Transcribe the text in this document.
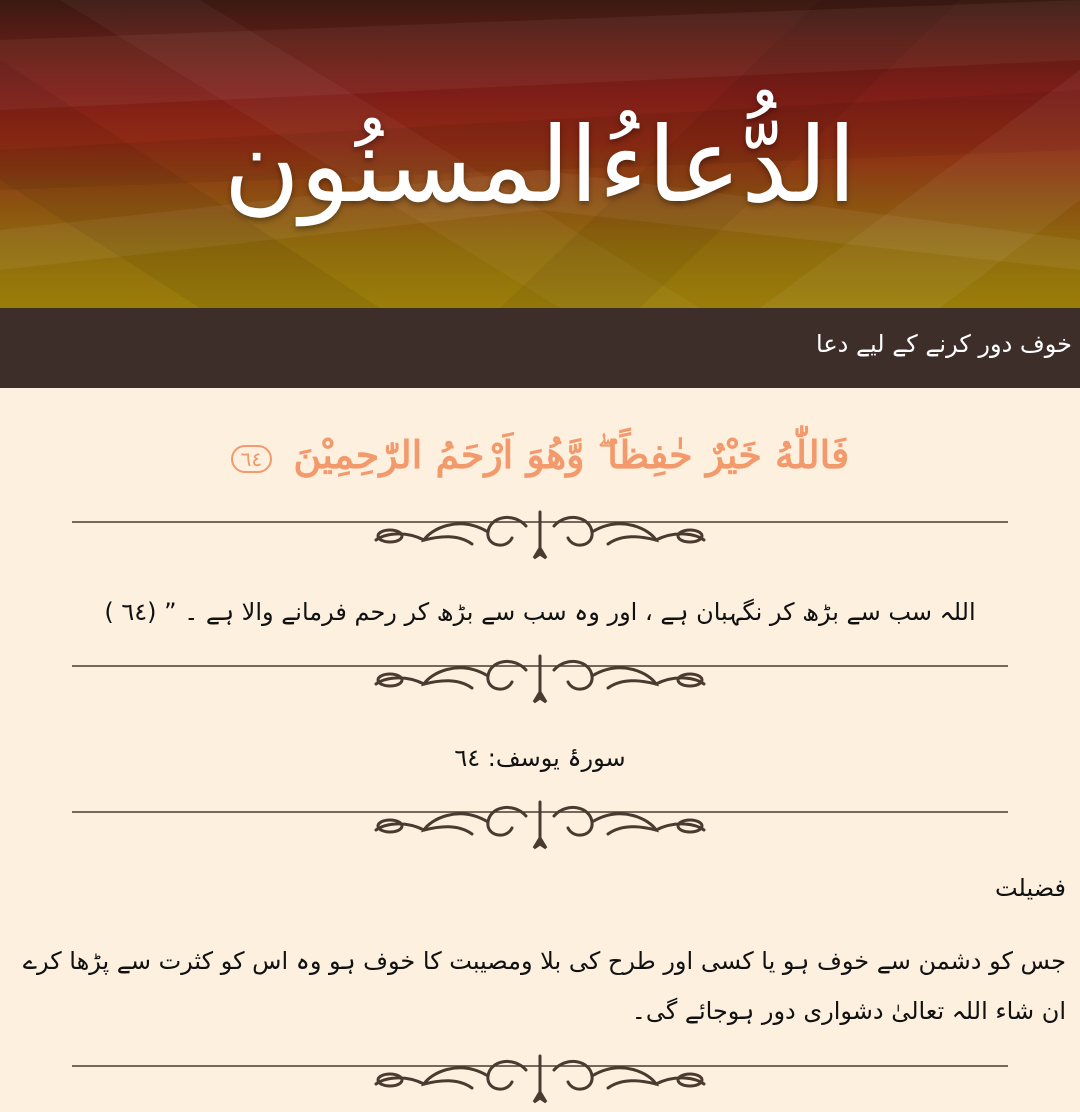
الدُّعاءُالمسنُون
خوف دور کرنے کے لیے دعا
فَاللّٰهُ خَيْرٌ حٰفِظًا ۖ وَّهُوَ اَرْحَمُ الرّٰحِمِيْنَ ٦٤
اللہ سب سے بڑھ کر نگہبان ہے ، اور وہ سب سے بڑھ کر رحم فرمانے والا ہے ۔ ” (٦٤ )
سورۂ یوسف: ٦٤
فضیلت
جس کو دشمن سے خوف ہو یا کسی اور طرح کی بلا ومصیبت کا خوف ہو وہ اس کو کثرت سے پڑھا کرے ان شاء اللہ تعالیٰ دشواری دور ہوجائے گی۔
